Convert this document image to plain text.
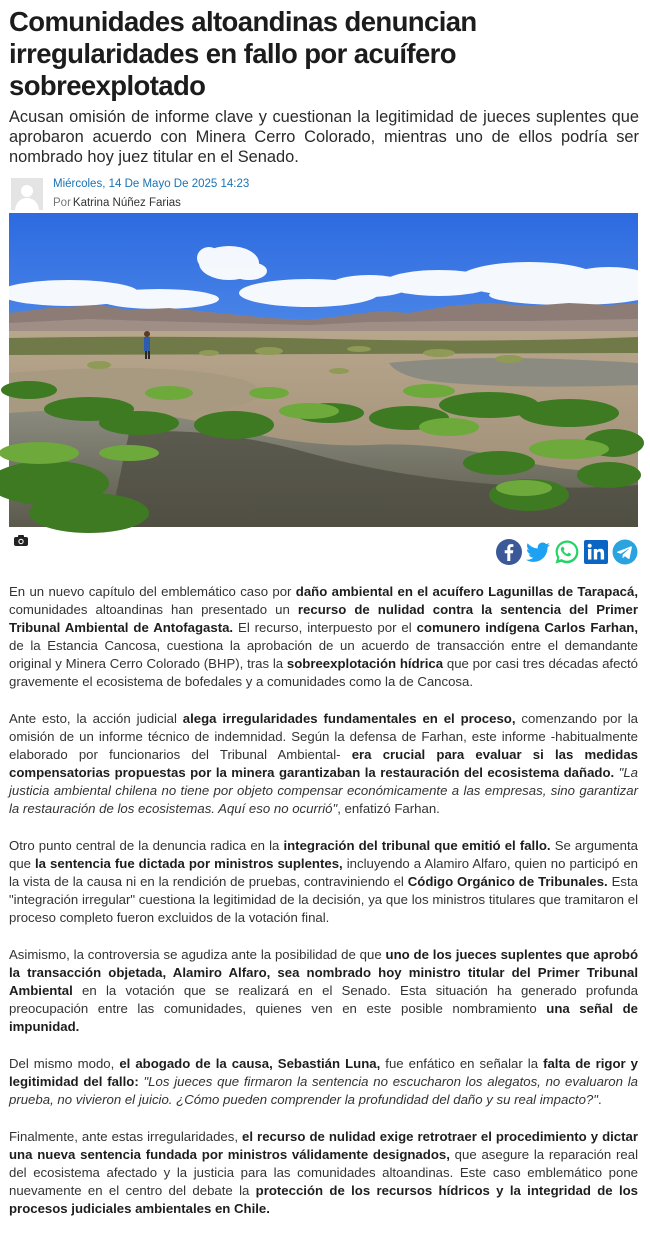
Comunidades altoandinas denuncian irregularidades en fallo por acuífero sobreexplotado
Acusan omisión de informe clave y cuestionan la legitimidad de jueces suplentes que aprobaron acuerdo con Minera Cerro Colorado, mientras uno de ellos podría ser nombrado hoy juez titular en el Senado.
Miércoles, 14 De Mayo De 2025 14:23
Por Katrina Núñez Farias

En un nuevo capítulo del emblemático caso por daño ambiental en el acuífero Lagunillas de Tarapacá, comunidades altoandinas han presentado un recurso de nulidad contra la sentencia del Primer Tribunal Ambiental de Antofagasta. El recurso, interpuesto por el comunero indígena Carlos Farhan, de la Estancia Cancosa, cuestiona la aprobación de un acuerdo de transacción entre el demandante original y Minera Cerro Colorado (BHP), tras la sobreexplotación hídrica que por casi tres décadas afectó gravemente el ecosistema de bofedales y a comunidades como la de Cancosa.

Ante esto, la acción judicial alega irregularidades fundamentales en el proceso, comenzando por la omisión de un informe técnico de indemnidad. Según la defensa de Farhan, este informe -habitualmente elaborado por funcionarios del Tribunal Ambiental- era crucial para evaluar si las medidas compensatorias propuestas por la minera garantizaban la restauración del ecosistema dañado. "La justicia ambiental chilena no tiene por objeto compensar económicamente a las empresas, sino garantizar la restauración de los ecosistemas. Aquí eso no ocurrió", enfatizó Farhan.

Otro punto central de la denuncia radica en la integración del tribunal que emitió el fallo. Se argumenta que la sentencia fue dictada por ministros suplentes, incluyendo a Alamiro Alfaro, quien no participó en la vista de la causa ni en la rendición de pruebas, contraviniendo el Código Orgánico de Tribunales. Esta "integración irregular" cuestiona la legitimidad de la decisión, ya que los ministros titulares que tramitaron el proceso completo fueron excluidos de la votación final.

Asimismo, la controversia se agudiza ante la posibilidad de que uno de los jueces suplentes que aprobó la transacción objetada, Alamiro Alfaro, sea nombrado hoy ministro titular del Primer Tribunal Ambiental en la votación que se realizará en el Senado. Esta situación ha generado profunda preocupación entre las comunidades, quienes ven en este posible nombramiento una señal de impunidad.

Del mismo modo, el abogado de la causa, Sebastián Luna, fue enfático en señalar la falta de rigor y legitimidad del fallo: "Los jueces que firmaron la sentencia no escucharon los alegatos, no evaluaron la prueba, no vivieron el juicio. ¿Cómo pueden comprender la profundidad del daño y su real impacto?".

Finalmente, ante estas irregularidades, el recurso de nulidad exige retrotraer el procedimiento y dictar una nueva sentencia fundada por ministros válidamente designados, que asegure la reparación real del ecosistema afectado y la justicia para las comunidades altoandinas. Este caso emblemático pone nuevamente en el centro del debate la protección de los recursos hídricos y la integridad de los procesos judiciales ambientales en Chile.
